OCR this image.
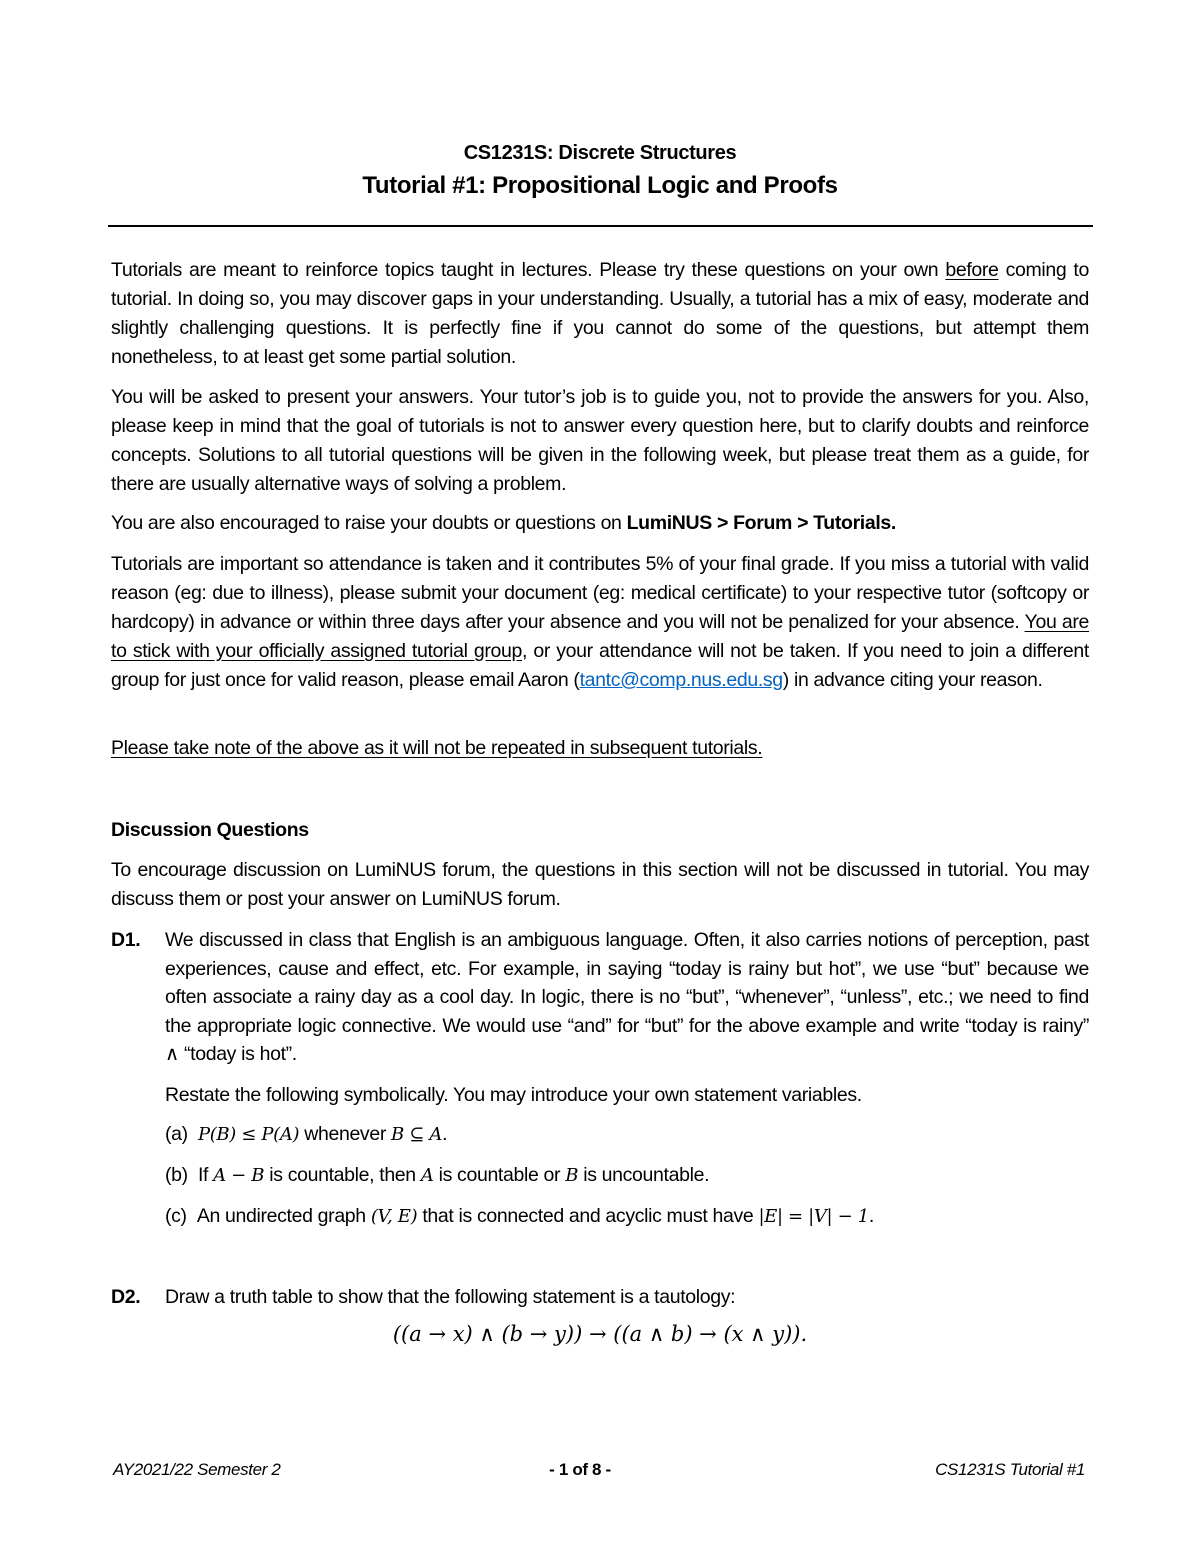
CS1231S: Discrete Structures
Tutorial #1: Propositional Logic and Proofs
Tutorials are meant to reinforce topics taught in lectures. Please try these questions on your own before coming to tutorial. In doing so, you may discover gaps in your understanding. Usually, a tutorial has a mix of easy, moderate and slightly challenging questions. It is perfectly fine if you cannot do some of the questions, but attempt them nonetheless, to at least get some partial solution.
You will be asked to present your answers. Your tutor’s job is to guide you, not to provide the answers for you. Also, please keep in mind that the goal of tutorials is not to answer every question here, but to clarify doubts and reinforce concepts. Solutions to all tutorial questions will be given in the following week, but please treat them as a guide, for there are usually alternative ways of solving a problem.
You are also encouraged to raise your doubts or questions on LumiNUS > Forum > Tutorials.
Tutorials are important so attendance is taken and it contributes 5% of your final grade. If you miss a tutorial with valid reason (eg: due to illness), please submit your document (eg: medical certificate) to your respective tutor (softcopy or hardcopy) in advance or within three days after your absence and you will not be penalized for your absence. You are to stick with your officially assigned tutorial group, or your attendance will not be taken. If you need to join a different group for just once for valid reason, please email Aaron (tantc@comp.nus.edu.sg) in advance citing your reason.
Please take note of the above as it will not be repeated in subsequent tutorials.
Discussion Questions
To encourage discussion on LumiNUS forum, the questions in this section will not be discussed in tutorial. You may discuss them or post your answer on LumiNUS forum.
D1. We discussed in class that English is an ambiguous language. Often, it also carries notions of perception, past experiences, cause and effect, etc. For example, in saying “today is rainy but hot”, we use “but” because we often associate a rainy day as a cool day. In logic, there is no “but”, “whenever”, “unless”, etc.; we need to find the appropriate logic connective. We would use “and” for “but” for the above example and write “today is rainy” ∧ “today is hot”.
Restate the following symbolically. You may introduce your own statement variables.
(a) P(B) ≤ P(A) whenever B ⊆ A.
(b) If A − B is countable, then A is countable or B is uncountable.
(c) An undirected graph (V, E) that is connected and acyclic must have |E| = |V| − 1.
D2. Draw a truth table to show that the following statement is a tautology:
((a → x) ∧ (b → y)) → ((a ∧ b) → (x ∧ y)).
AY2021/22 Semester 2	- 1 of 8 -	CS1231S Tutorial #1
